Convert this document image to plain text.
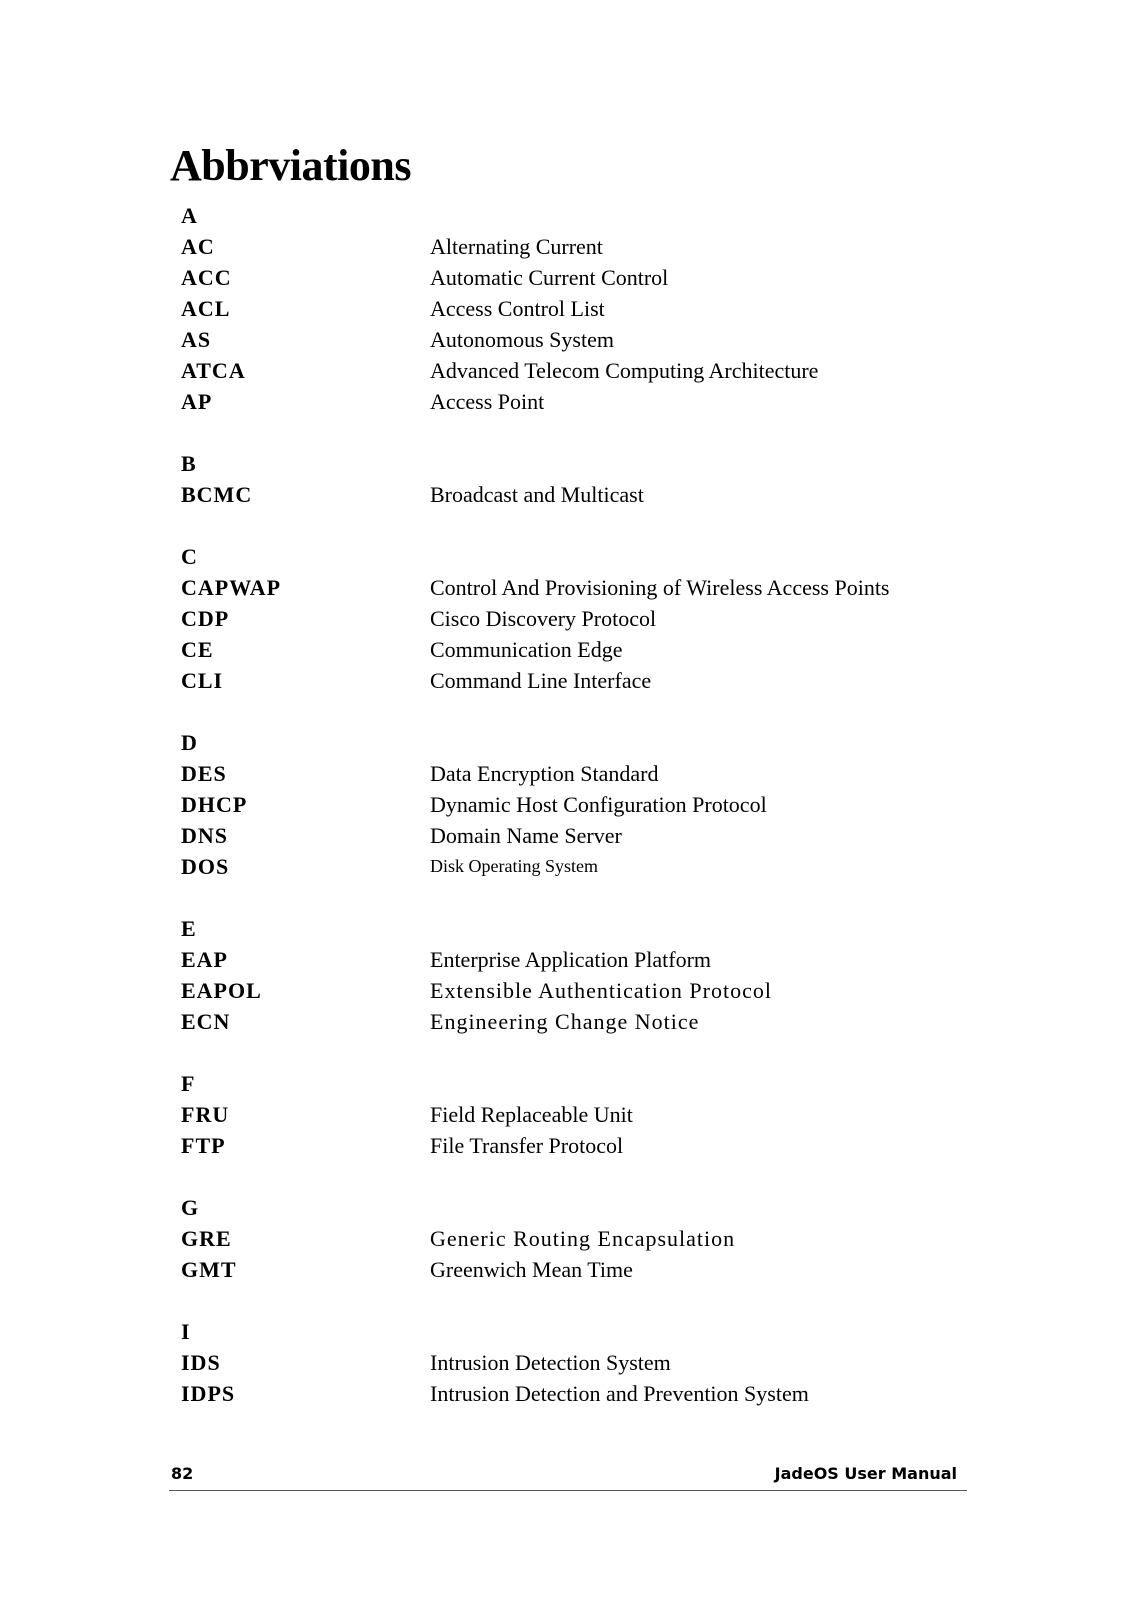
Abbrviations
A
AC	Alternating Current
ACC	Automatic Current Control
ACL	Access Control List
AS	Autonomous System
ATCA	Advanced Telecom Computing Architecture
AP	Access Point
B
BCMC	Broadcast and Multicast
C
CAPWAP	Control And Provisioning of Wireless Access Points
CDP	Cisco Discovery Protocol
CE	Communication Edge
CLI	Command Line Interface
D
DES	Data Encryption Standard
DHCP	Dynamic Host Configuration Protocol
DNS	Domain Name Server
DOS	Disk Operating System
E
EAP	Enterprise Application Platform
EAPOL	Extensible Authentication Protocol
ECN	Engineering Change Notice
F
FRU	Field Replaceable Unit
FTP	File Transfer Protocol
G
GRE	Generic Routing Encapsulation
GMT	Greenwich Mean Time
I
IDS	Intrusion Detection System
IDPS	Intrusion Detection and Prevention System
82	JadeOS User Manual
